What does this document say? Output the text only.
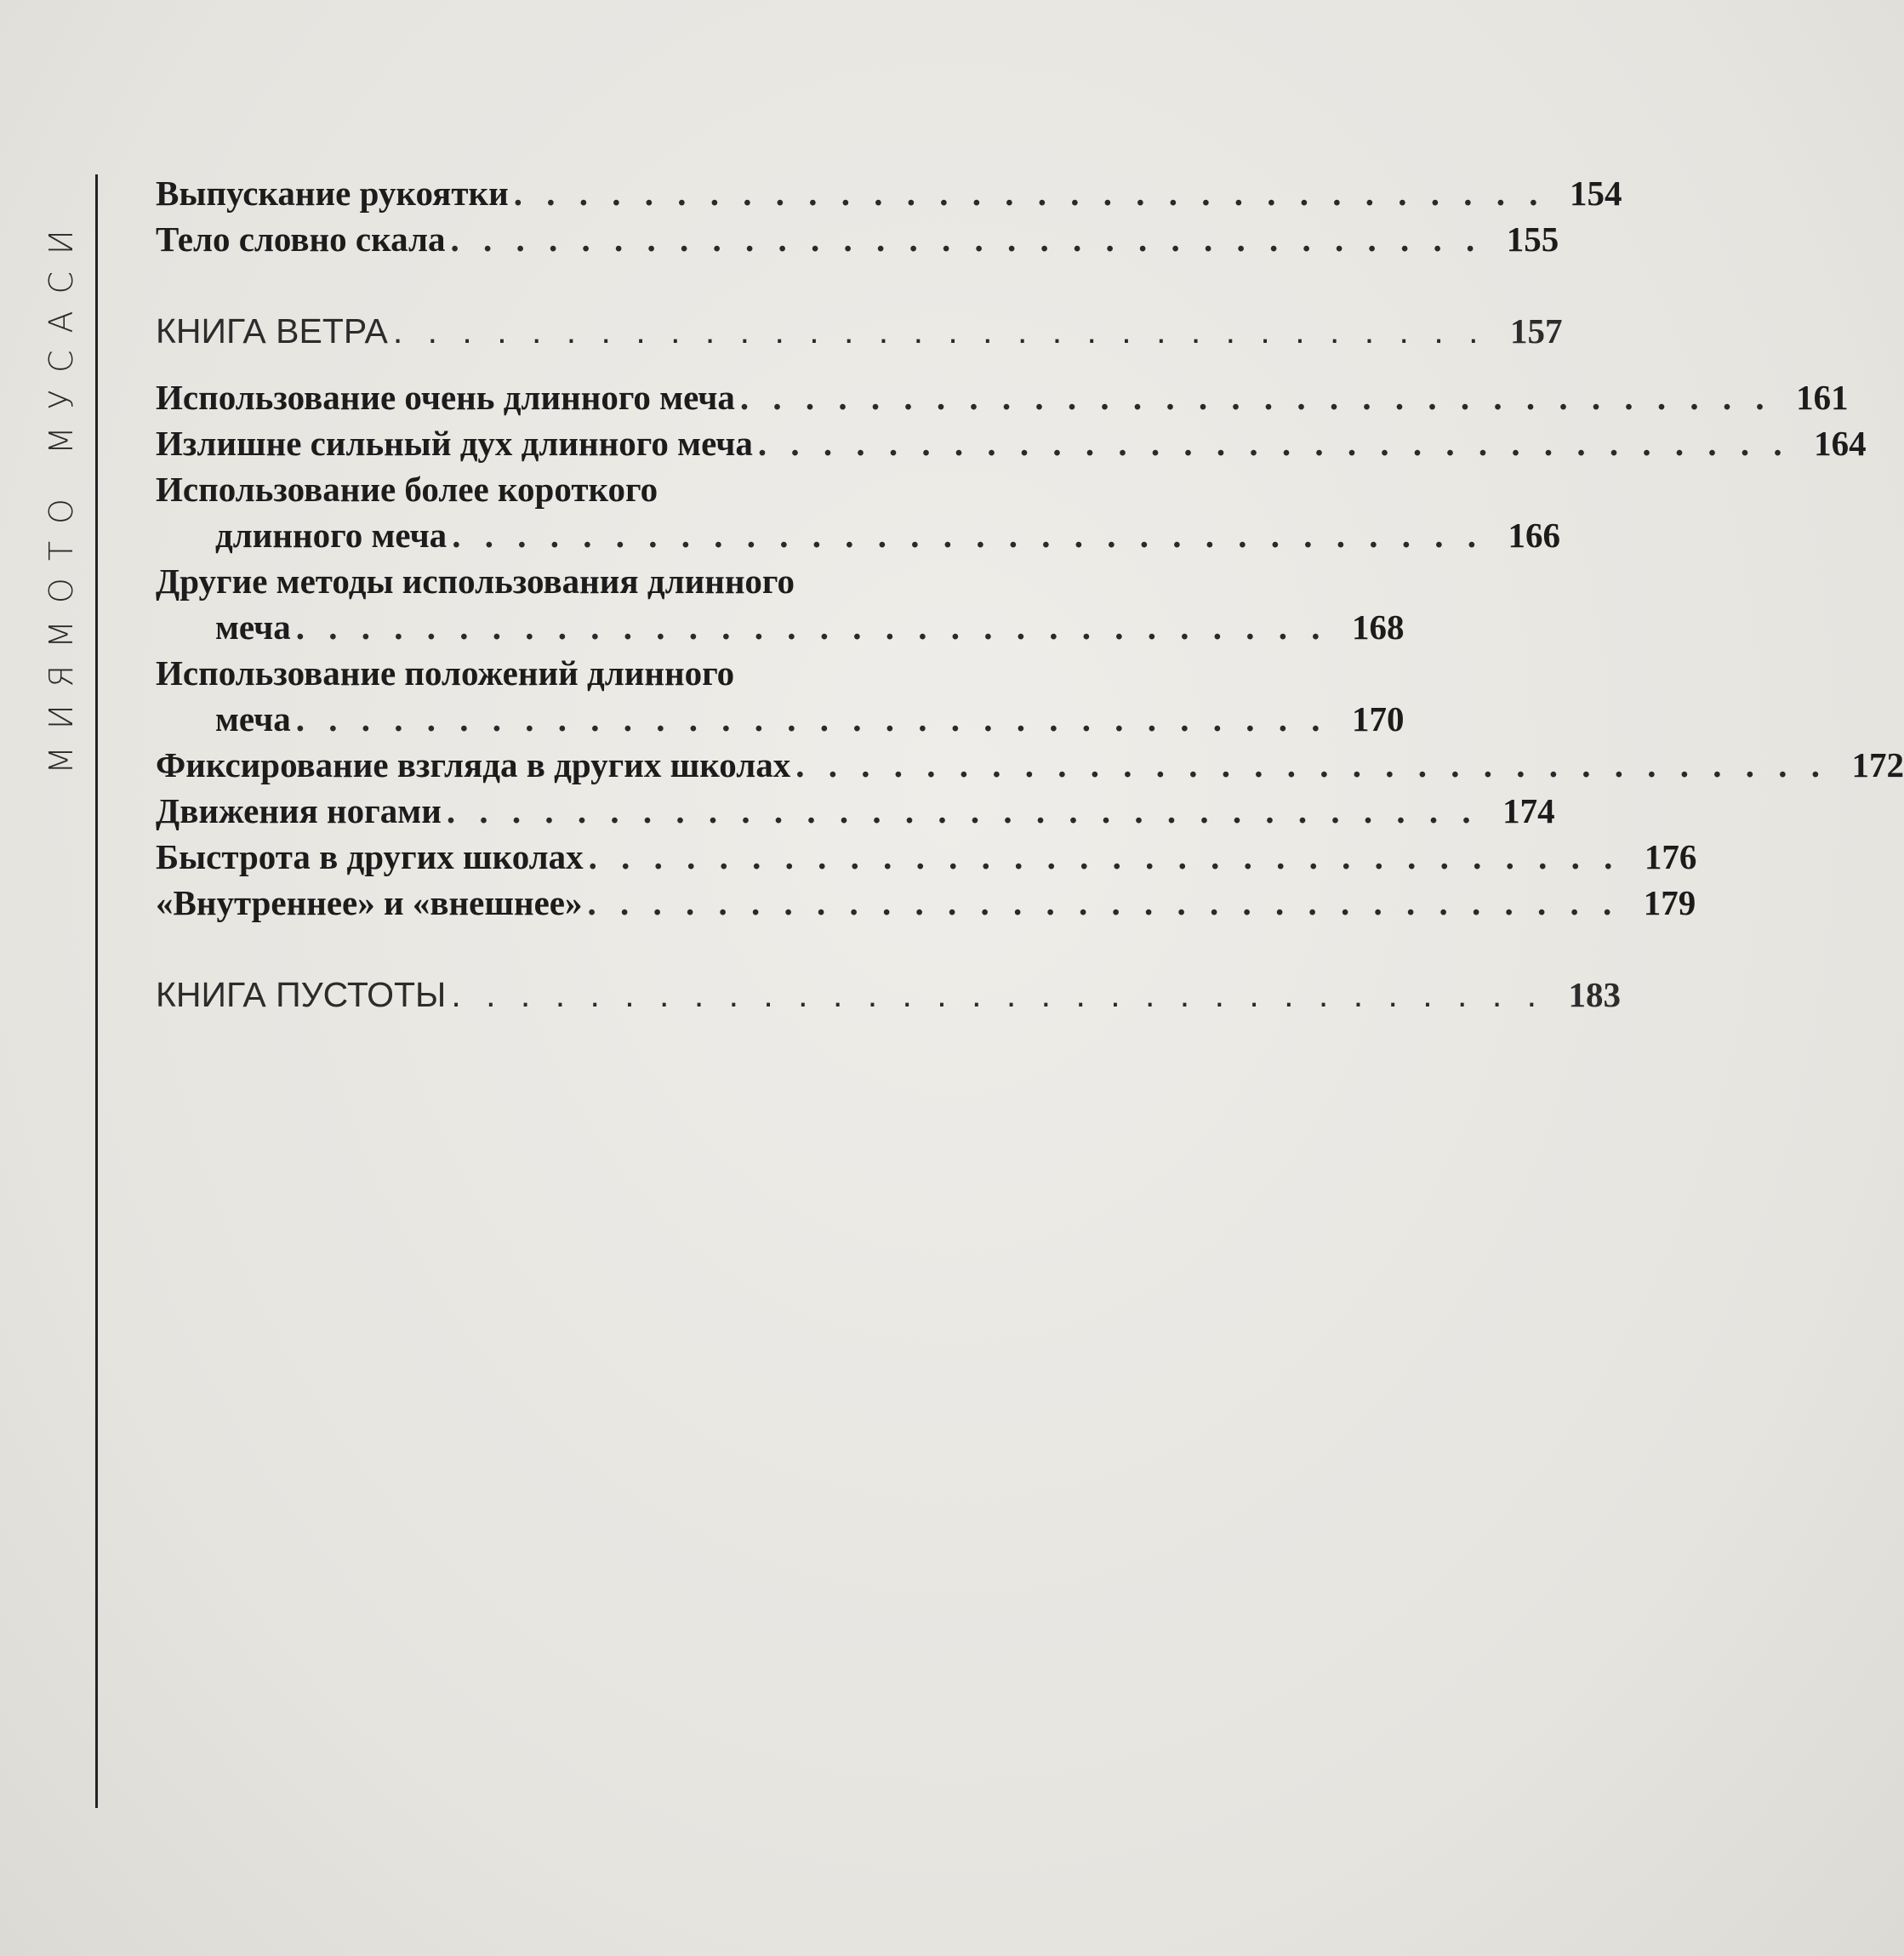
МИЯМОТО МУСАСИ
Выпускание рукоятки . . . . . . . . . . . . . . . . . . . . . . . . . . . . . . . . 154
Тело словно скала . . . . . . . . . . . . . . . . . . . . . . . . . . . . . . . . 155
КНИГА ВЕТРА . . . . . . . . . . . . . . . . . . . . . . . . . . . . . . . . 157
Использование очень длинного меча . . . . . . . . . . . . . . . . . . . . . . . . . . . . . . . . 161
Излишне сильный дух длинного меча . . . . . . . . . . . . . . . . . . . . . . . . . . . . . . . . 164
Использование более короткого
длинного меча . . . . . . . . . . . . . . . . . . . . . . . . . . . . . . . . 166
Другие методы использования длинного
меча . . . . . . . . . . . . . . . . . . . . . . . . . . . . . . . . 168
Использование положений длинного
меча . . . . . . . . . . . . . . . . . . . . . . . . . . . . . . . . 170
Фиксирование взгляда в других школах . . . . . . . . . . . . . . . . . . . . . . . . . . . . . . . . 172
Движения ногами . . . . . . . . . . . . . . . . . . . . . . . . . . . . . . . . 174
Быстрота в других школах . . . . . . . . . . . . . . . . . . . . . . . . . . . . . . . . 176
«Внутреннее» и «внешнее» . . . . . . . . . . . . . . . . . . . . . . . . . . . . . . . . 179
КНИГА ПУСТОТЫ . . . . . . . . . . . . . . . . . . . . . . . . . . . . . . . . 183
